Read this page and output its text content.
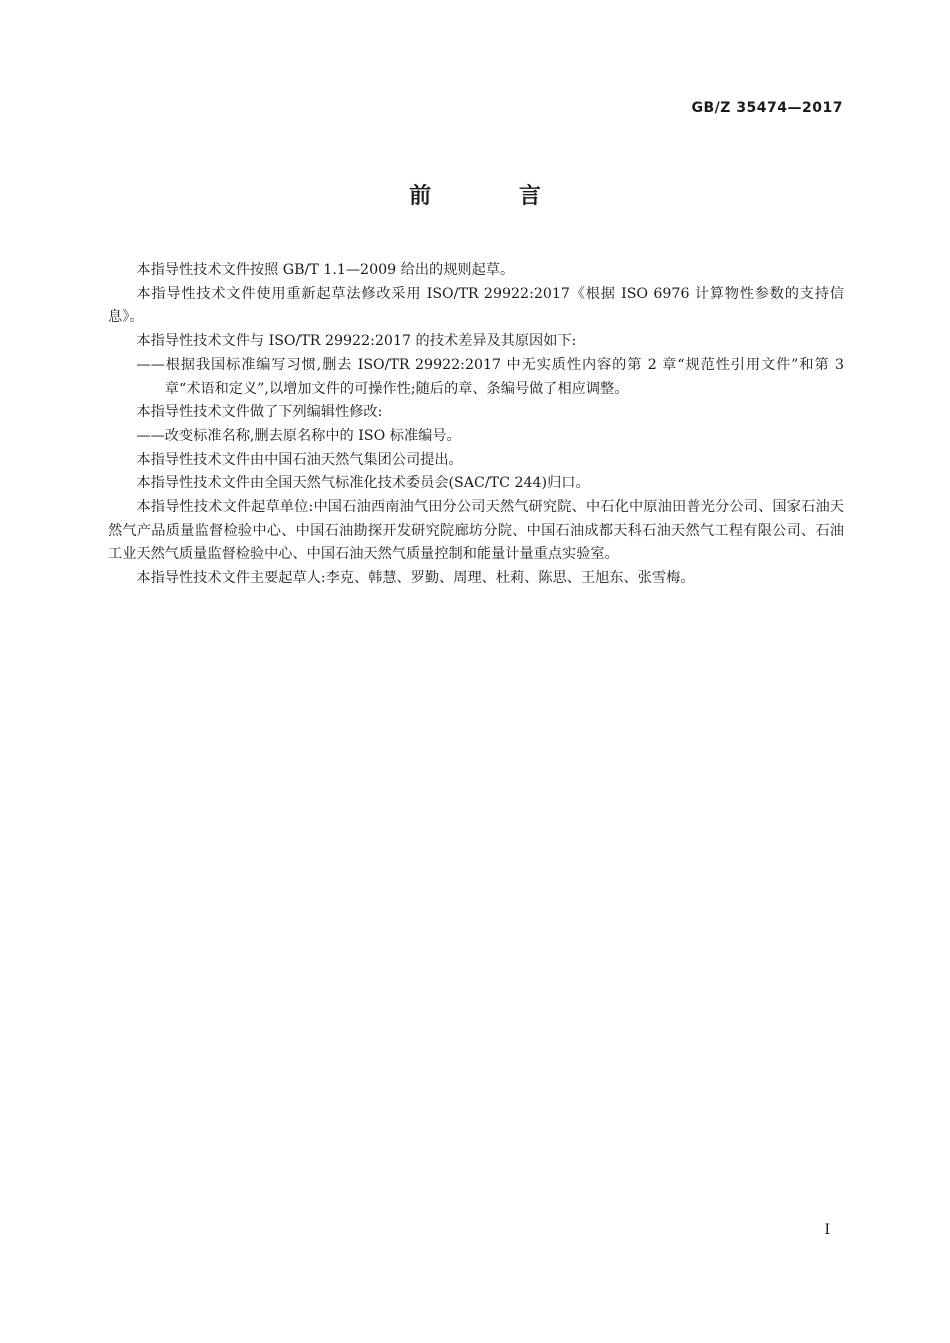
GB/Z 35474—2017
前 言

本指导性技术文件按照 GB/T 1.1—2009 给出的规则起草。

本指导性技术文件使用重新起草法修改采用 ISO/TR 29922:2017《根据 ISO 6976 计算物性参数的支持信息》。

本指导性技术文件与 ISO/TR 29922:2017 的技术差异及其原因如下:

——根据我国标准编写习惯,删去 ISO/TR 29922:2017 中无实质性内容的第 2 章“规范性引用文件”和第 3 章“术语和定义”,以增加文件的可操作性;随后的章、条编号做了相应调整。

本指导性技术文件做了下列编辑性修改:

——改变标准名称,删去原名称中的 ISO 标准编号。

本指导性技术文件由中国石油天然气集团公司提出。

本指导性技术文件由全国天然气标准化技术委员会(SAC/TC 244)归口。

本指导性技术文件起草单位:中国石油西南油气田分公司天然气研究院、中石化中原油田普光分公司、国家石油天然气产品质量监督检验中心、中国石油勘探开发研究院廊坊分院、中国石油成都天科石油天然气工程有限公司、石油工业天然气质量监督检验中心、中国石油天然气质量控制和能量计量重点实验室。

本指导性技术文件主要起草人:李克、韩慧、罗勤、周理、杜莉、陈思、王旭东、张雪梅。

I
